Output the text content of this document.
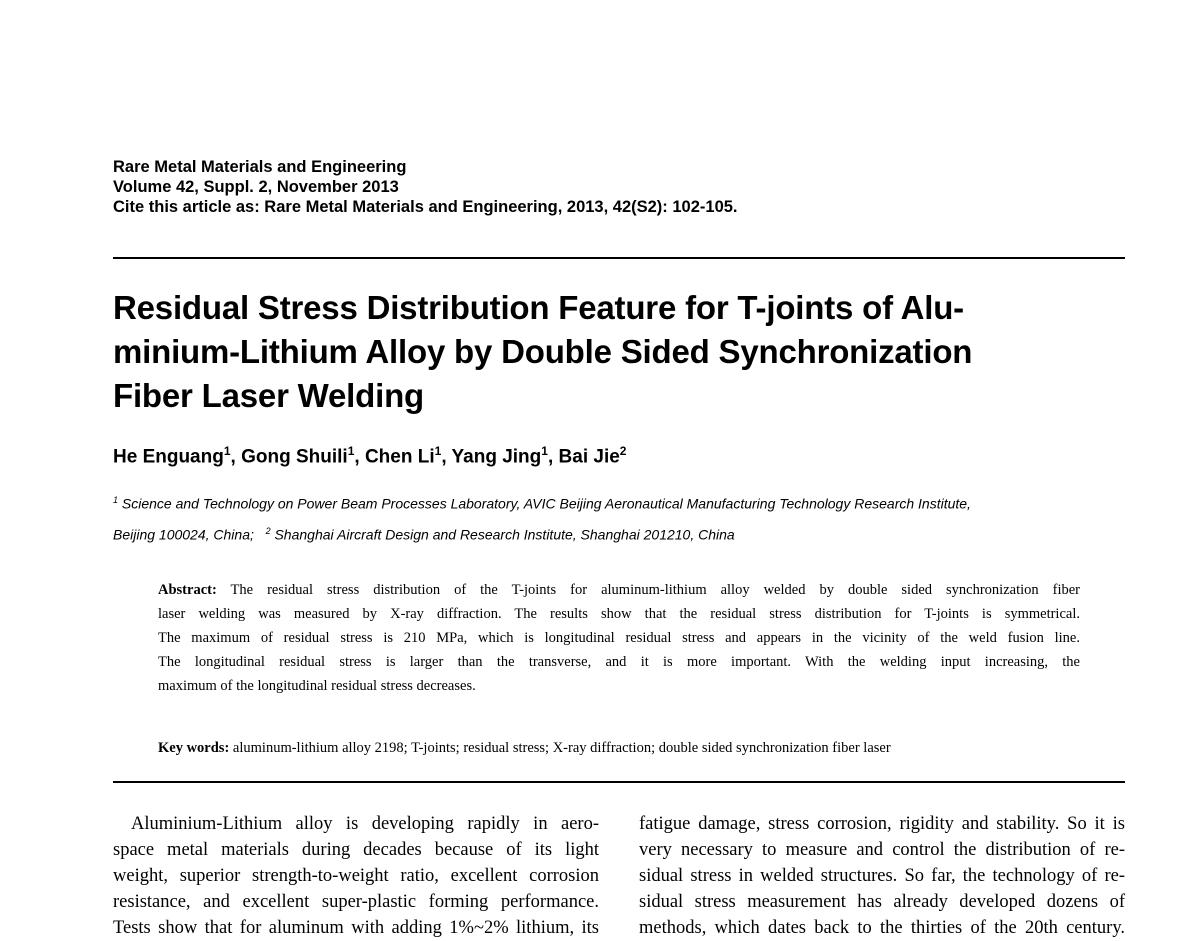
Rare Metal Materials and Engineering
Volume 42, Suppl. 2, November 2013
Cite this article as: Rare Metal Materials and Engineering, 2013, 42(S2): 102-105.
Residual Stress Distribution Feature for T-joints of Alu-
minium-Lithium Alloy by Double Sided Synchronization
Fiber Laser Welding
He Enguang$^1$, Gong Shuili$^1$, Chen Li$^1$, Yang Jing$^1$, Bai Jie$^2$
$^1$ Science and Technology on Power Beam Processes Laboratory, AVIC Beijing Aeronautical Manufacturing Technology Research Institute,
Beijing 100024, China; $^2$ Shanghai Aircraft Design and Research Institute, Shanghai 201210, China
Abstract: The residual stress distribution of the T-joints for aluminum-lithium alloy welded by double sided synchronization fiber
laser welding was measured by X-ray diffraction. The results show that the residual stress distribution for T-joints is symmetrical.
The maximum of residual stress is 210 MPa, which is longitudinal residual stress and appears in the vicinity of the weld fusion line.
The longitudinal residual stress is larger than the transverse, and it is more important. With the welding input increasing, the
maximum of the longitudinal residual stress decreases.
Key words: aluminum-lithium alloy 2198; T-joints; residual stress; X-ray diffraction; double sided synchronization fiber laser
Aluminium-Lithium alloy is developing rapidly in aero-
space metal materials during decades because of its light
weight, superior strength-to-weight ratio, excellent corrosion
resistance, and excellent super-plastic forming performance.
Tests show that for aluminum with adding 1%~2% lithium, its
fatigue damage, stress corrosion, rigidity and stability. So it is
very necessary to measure and control the distribution of re-
sidual stress in welded structures. So far, the technology of re-
sidual stress measurement has already developed dozens of
methods, which dates back to the thirties of the 20th century.
